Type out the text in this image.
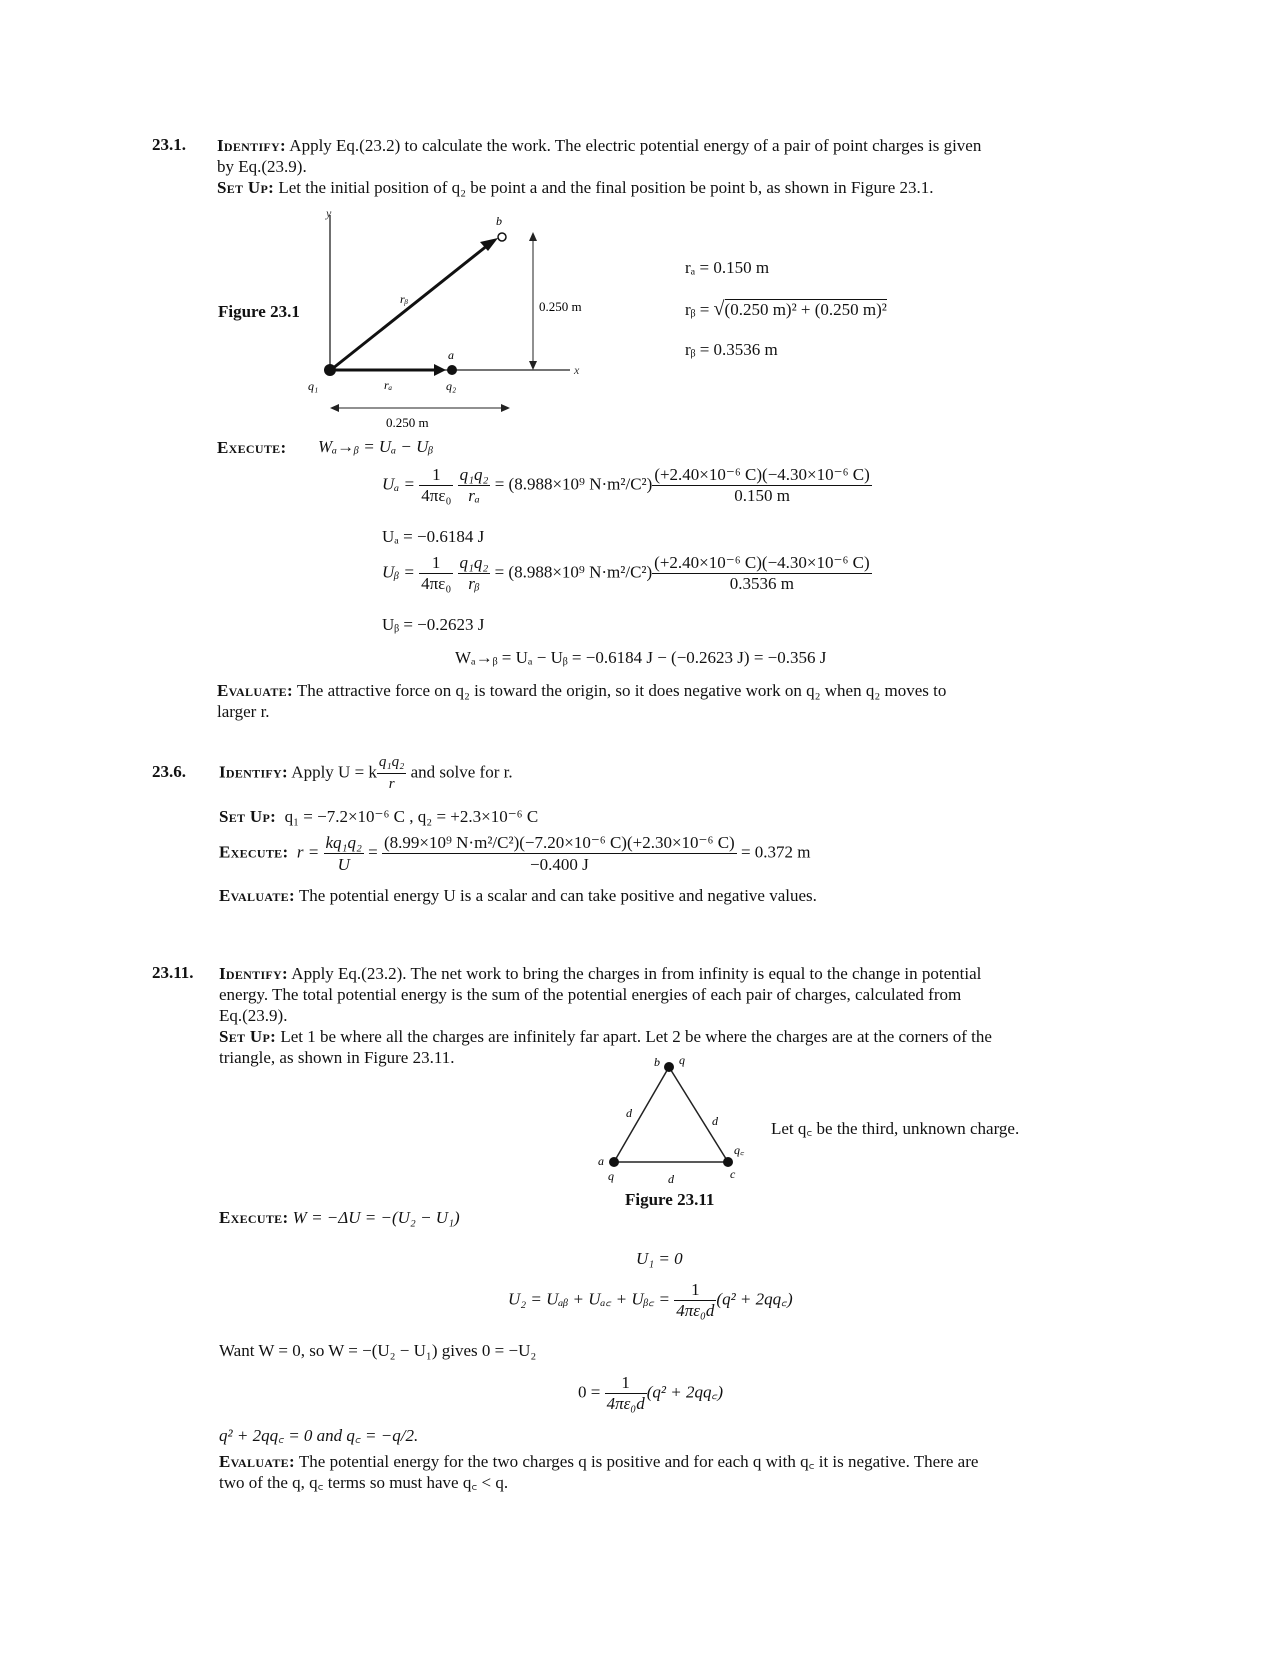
23.1. Identify: Apply Eq.(23.2) to calculate the work. The electric potential energy of a pair of point charges is given
by Eq.(23.9).
Set Up: Let the initial position of q₂ be point a and the final position be point b, as shown in Figure 23.1.
Figure 23.1
y
x
b
rᵦ
a
q₁	q₂
rₐ
0.250 m
0.250 m
rₐ = 0.150 m
rᵦ = √(0.250 m)² + (0.250 m)²
rᵦ = 0.3536 m
Execute: Wₐ→ᵦ = Uₐ − Uᵦ
$U_a = \frac{1}{\text{4πε₀}}$
$\frac{\text{q₁q₂}}{\text{rₐ}} = (8.988\times 10^9$ $N\cdot m^2/C^2) \frac{\text{(+2.40×10⁻⁶ C)(−4.30×10⁻⁶ C)}}{0.150 m}$
Uₐ = −0.6184 J
Uᵦ = $\frac{1}{\text{4πε₀}}$
$\frac{\text{q₁q₂}}{\text{rᵦ}} = (8.988\times 10^9$ $N\cdot m^2/C^2) \frac{\text{(+2.40×10⁻⁶ C)(−4.30×10⁻⁶ C)}}{0.3536 m}$
Uᵦ = −0.2623 J
Wₐ→ᵦ = Uₐ − Uᵦ = −0.6184 J − (−0.2623 J) = −0.356 J
Evaluate: The attractive force on q₂ is toward the origin, so it does negative work on q₂ when q₂ moves to
larger r.
23.6. Identify: Apply U = k $\frac{\text{q₁q₂}}{r}$ and solve for r.
Set Up: q₁ = −7.2×10⁻⁶ C , q₂ = +2.3×10⁻⁶ C
Execute: $r = \frac{\text{kq₁q₂}}{U} = \frac{\text{(8.99×10⁹ N·m²/C²)(−7.20×10⁻⁶ C)(+2.30×10⁻⁶ C)}}{-0.400 J} = 0.372$ m
Evaluate: The potential energy U is a scalar and can take positive and negative values.
23.11. Identify: Apply Eq.(23.2). The net work to bring the charges in from infinity is equal to the change in potential
energy. The total potential energy is the sum of the potential energies of each pair of charges, calculated from
Eq.(23.9).
Set Up: Let 1 be where all the charges are infinitely far apart. Let 2 be where the charges are at the corners of the
triangle, as shown in Figure 23.11.	b q
d
d
d
a
q
q꜀
c
Figure 23.11
Let q꜀ be the third, unknown charge.
Execute: W = −ΔU = −(U₂ − U₁)
U₁ = 0
U₂ = Uₐᵦ + Uₐ꜀ + Uᵦ꜀ = $\frac{1}{\text{4πε₀d}} (q^2$ + 2qq꜀)
Want W = 0, so W = −(U₂ − U₁) gives 0 = −U₂
$0 = \frac{1}{\text{4πε₀d}} (q^2$ + 2qq꜀)
q² + 2qq꜀ = 0 and q꜀ = −q/2.
Evaluate: The potential energy for the two charges q is positive and for each q with q꜀ it is negative. There are
two of the q, q꜀ terms so must have q꜀ < q.
